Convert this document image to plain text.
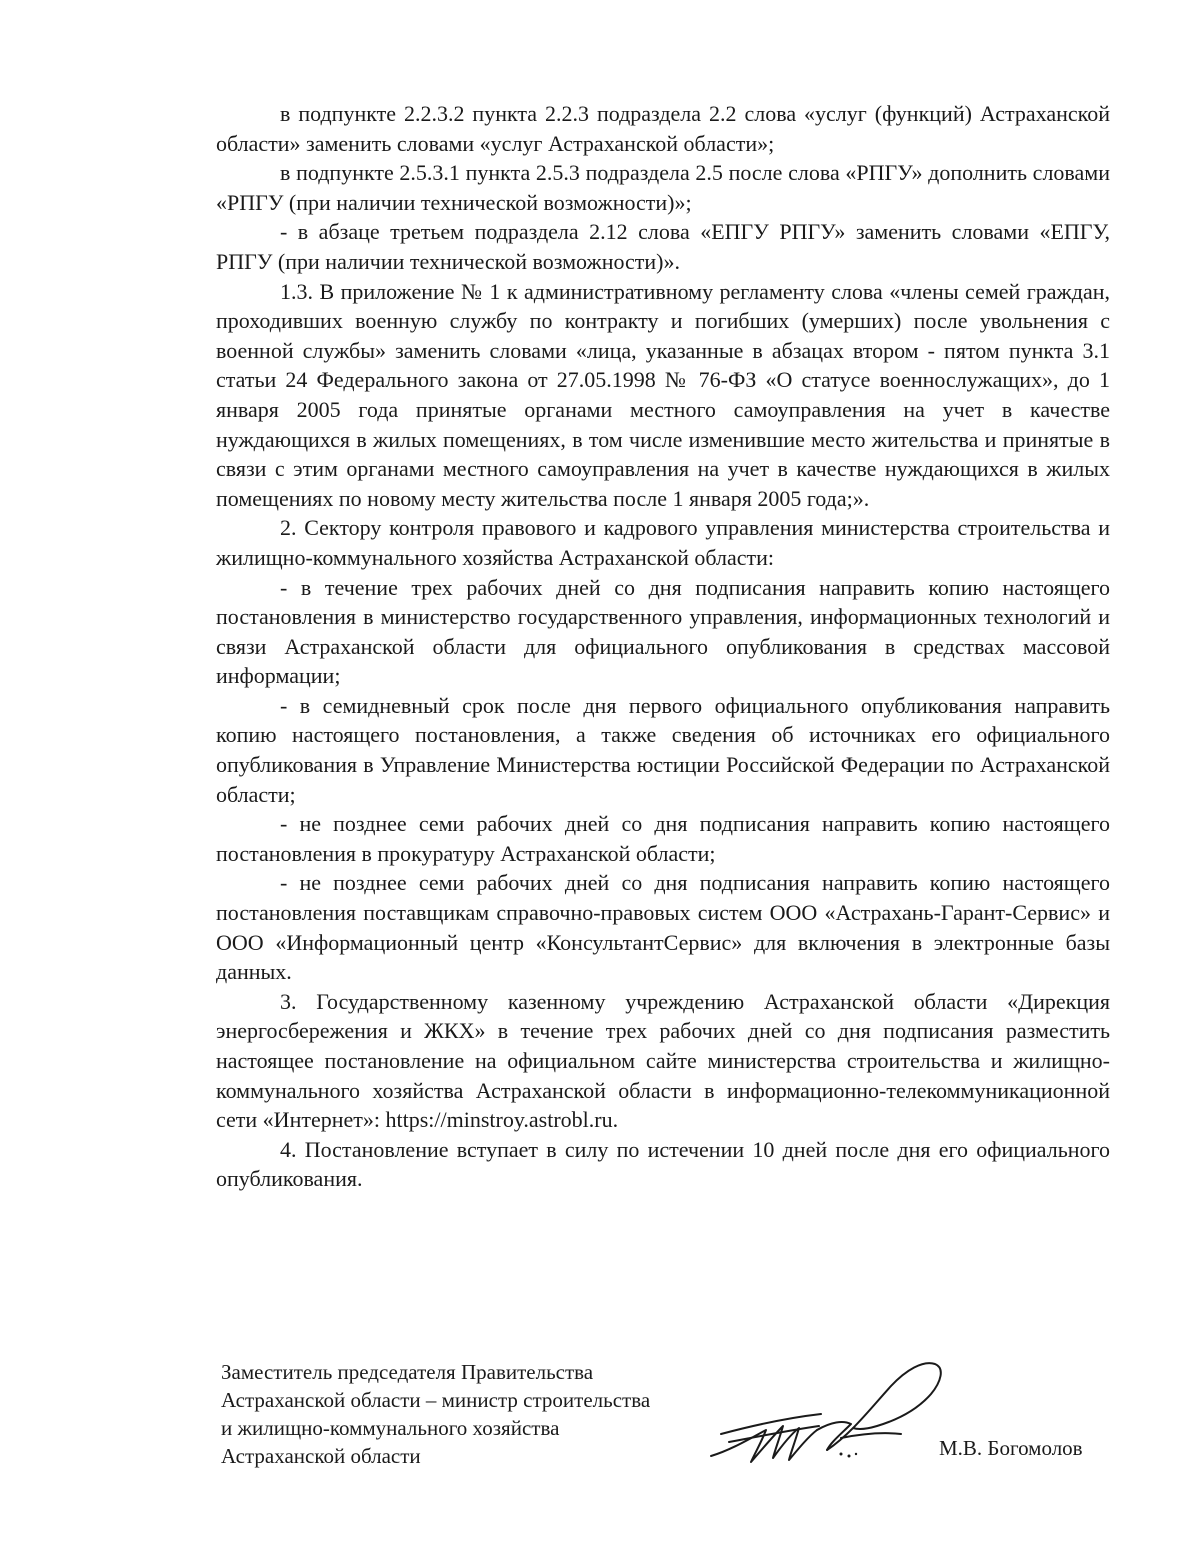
в подпункте 2.2.3.2 пункта 2.2.3 подраздела 2.2 слова «услуг (функций) Астраханской области» заменить словами «услуг Астраханской области»;

в подпункте 2.5.3.1 пункта 2.5.3 подраздела 2.5 после слова «РПГУ» дополнить словами «РПГУ (при наличии технической возможности)»;

- в абзаце третьем подраздела 2.12 слова «ЕПГУ РПГУ» заменить словами «ЕПГУ, РПГУ (при наличии технической возможности)».

1.3. В приложение № 1 к административному регламенту слова «члены семей граждан, проходивших военную службу по контракту и погибших (умерших) после увольнения с военной службы» заменить словами «лица, указанные в абзацах втором - пятом пункта 3.1 статьи 24 Федерального закона от 27.05.1998 № 76-ФЗ «О статусе военнослужащих», до 1 января 2005 года принятые органами местного самоуправления на учет в качестве нуждающихся в жилых помещениях, в том числе изменившие место жительства и принятые в связи с этим органами местного самоуправления на учет в качестве нуждающихся в жилых помещениях по новому месту жительства после 1 января 2005 года;».

2. Сектору контроля правового и кадрового управления министерства строительства и жилищно-коммунального хозяйства Астраханской области:

- в течение трех рабочих дней со дня подписания направить копию настоящего постановления в министерство государственного управления, информационных технологий и связи Астраханской области для официального опубликования в средствах массовой информации;

- в семидневный срок после дня первого официального опубликования направить копию настоящего постановления, а также сведения об источниках его официального опубликования в Управление Министерства юстиции Российской Федерации по Астраханской области;

- не позднее семи рабочих дней со дня подписания направить копию настоящего постановления в прокуратуру Астраханской области;

- не позднее семи рабочих дней со дня подписания направить копию настоящего постановления поставщикам справочно-правовых систем ООО «Астрахань-Гарант-Сервис» и ООО «Информационный центр «КонсультантСервис» для включения в электронные базы данных.

3. Государственному казенному учреждению Астраханской области «Дирекция энергосбережения и ЖКХ» в течение трех рабочих дней со дня подписания разместить настоящее постановление на официальном сайте министерства строительства и жилищно-коммунального хозяйства Астраханской области в информационно-телекоммуникационной сети «Интернет»: https://minstroy.astrobl.ru.

4. Постановление вступает в силу по истечении 10 дней после дня его официального опубликования.

Заместитель председателя Правительства
Астраханской области – министр строительства
и жилищно-коммунального хозяйства
Астраханской области	М.В. Богомолов
